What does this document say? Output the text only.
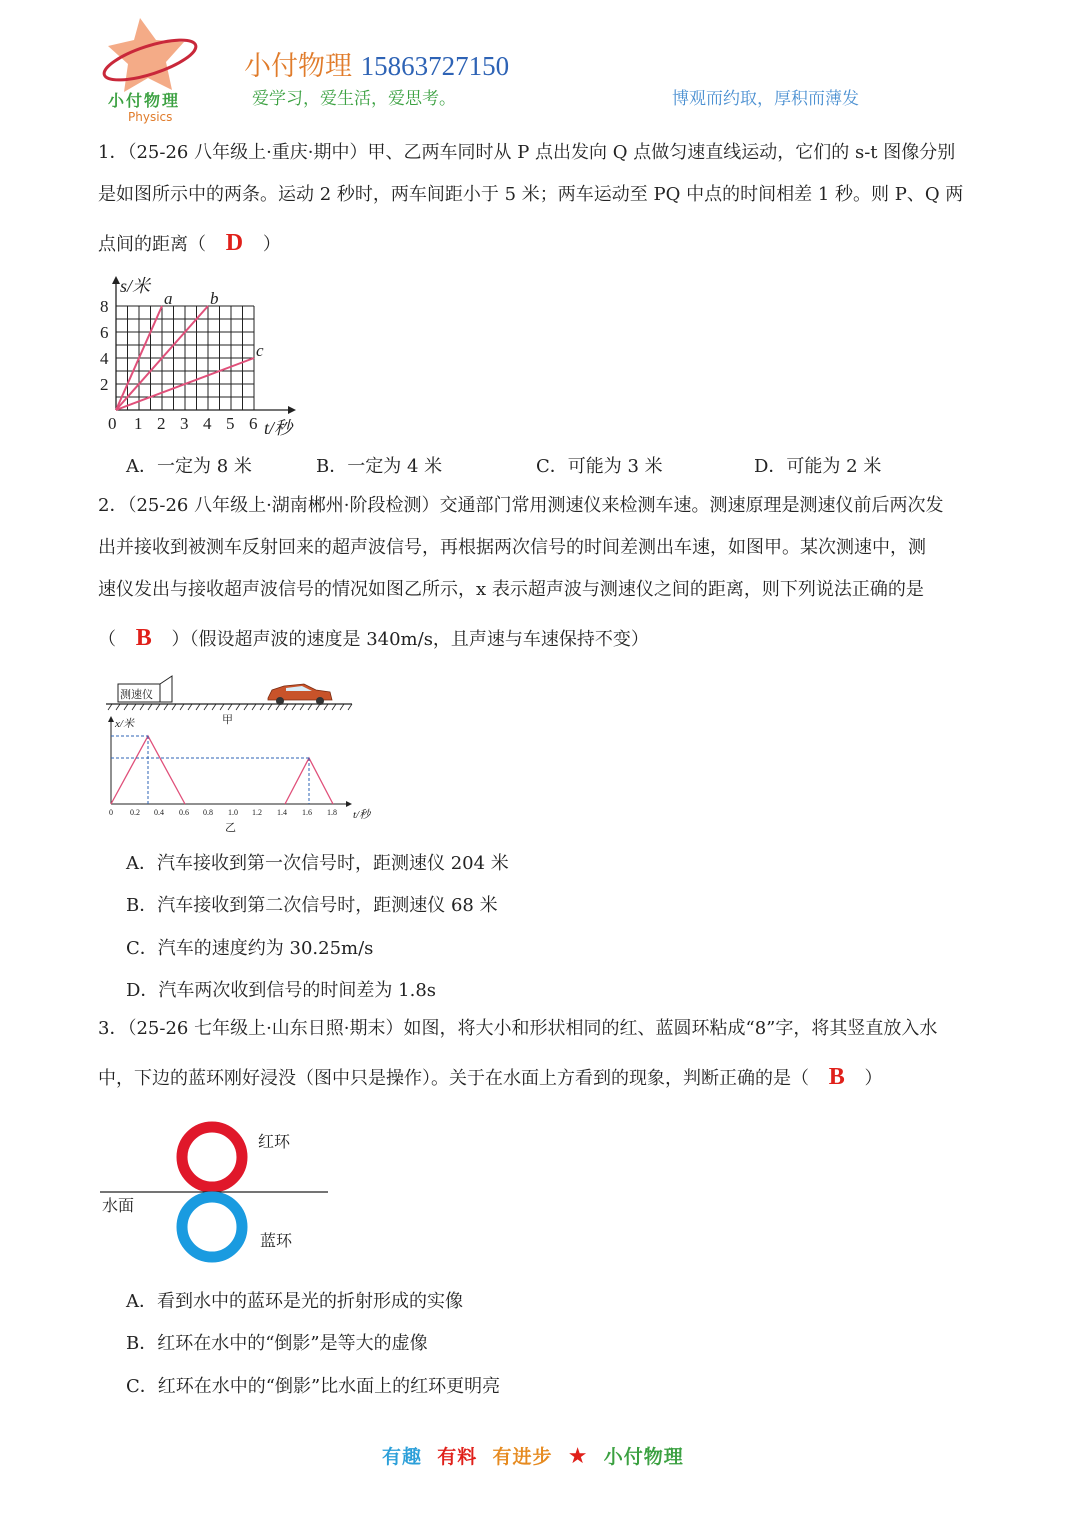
小付物理
Physics
小付物理 15863727150
爱学习，爱生活，爱思考。	博观而约取，厚积而薄发
1．（25-26 八年级上·重庆·期中）甲、乙两车同时从 P 点出发向 Q 点做匀速直线运动，它们的 s-t 图像分别
是如图所示中的两条。运动 2 秒时，两车间距小于 5 米；两车运动至 PQ 中点的时间相差 1 秒。则 P、Q 两
点间的距离（ D ）
a b
c
s/米
t/秒
8
6
4
2
0 1 2 3 4 5 6
A．一定为 8 米	B．一定为 4 米	C．可能为 3 米	D．可能为 2 米
2．（25-26 八年级上·湖南郴州·阶段检测）交通部门常用测速仪来检测车速。测速原理是测速仪前后两次发
出并接收到被测车反射回来的超声波信号，再根据两次信号的时间差测出车速，如图甲。某次测速中，测
速仪发出与接收超声波信号的情况如图乙所示，x 表示超声波与测速仪之间的距离，则下列说法正确的是
（ B ）（假设超声波的速度是 340m/s，且声速与车速保持不变）
测速仪
甲
x/米
0 0.2 0.4 0.6 0.8 1.0 1.2 1.4 1.6 1.8 t/秒
乙
A．汽车接收到第一次信号时，距测速仪 204 米
B．汽车接收到第二次信号时，距测速仪 68 米
C．汽车的速度约为 30.25m/s
D．汽车两次收到信号的时间差为 1.8s
3．（25-26 七年级上·山东日照·期末）如图，将大小和形状相同的红、蓝圆环粘成“8”字，将其竖直放入水
中，下边的蓝环刚好浸没（图中只是操作）。关于在水面上方看到的现象，判断正确的是（ B ）
红环
水面
蓝环
A．看到水中的蓝环是光的折射形成的实像
B．红环在水中的“倒影”是等大的虚像
C．红环在水中的“倒影”比水面上的红环更明亮
有趣 有料 有进步 ★ 小付物理
